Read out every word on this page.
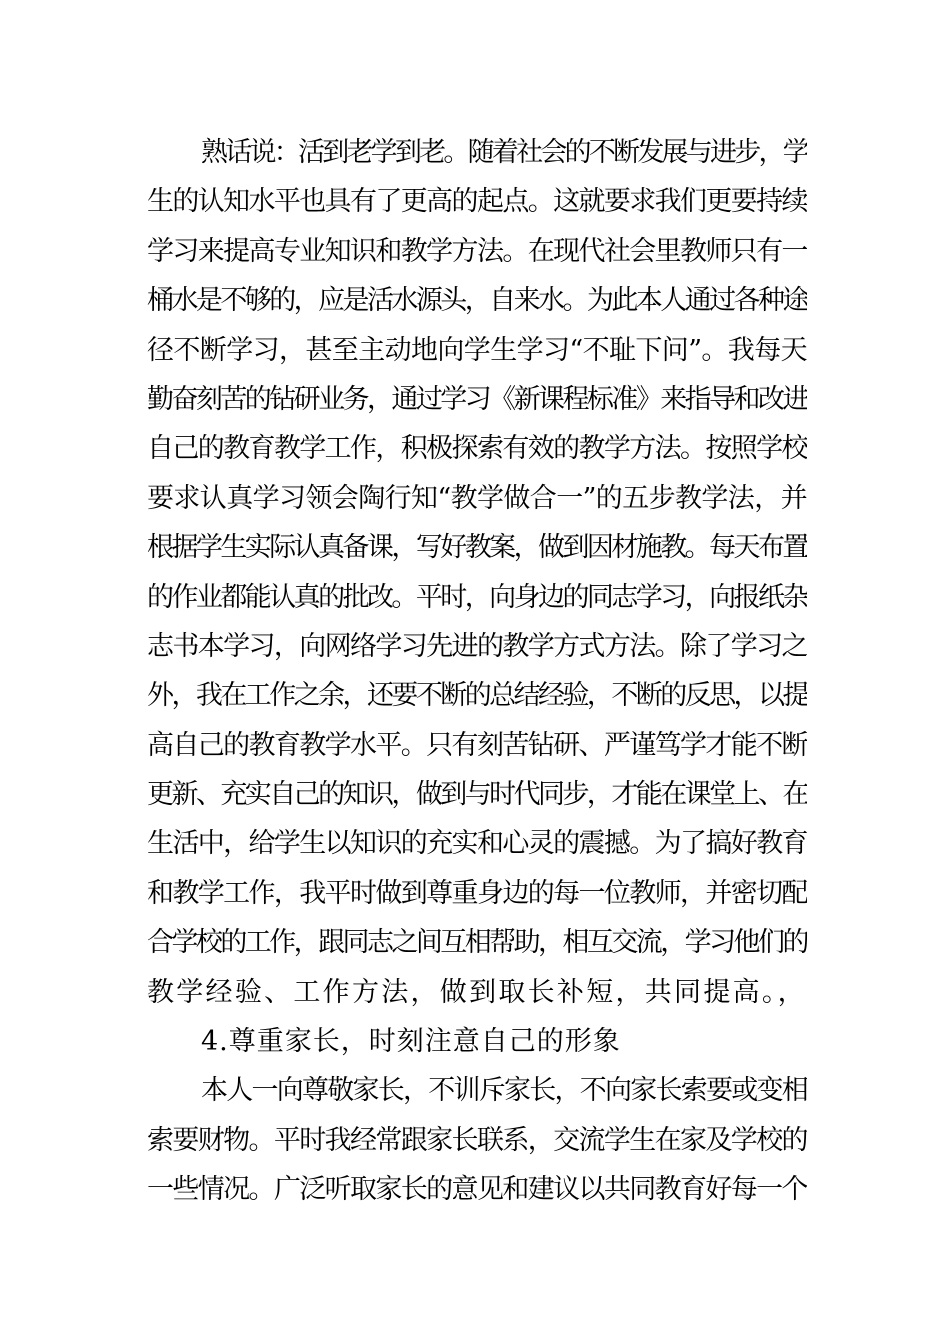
熟话说：活到老学到老。随着社会的不断发展与进步，学
生的认知水平也具有了更高的起点。这就要求我们更要持续
学习来提高专业知识和教学方法。在现代社会里教师只有一
桶水是不够的，应是活水源头，自来水。为此本人通过各种途
径不断学习，甚至主动地向学生学习“不耻下问”。我每天
勤奋刻苦的钻研业务，通过学习《新课程标准》来指导和改进
自己的教育教学工作，积极探索有效的教学方法。按照学校
要求认真学习领会陶行知“教学做合一”的五步教学法，并
根据学生实际认真备课，写好教案，做到因材施教。每天布置
的作业都能认真的批改。平时，向身边的同志学习，向报纸杂
志书本学习，向网络学习先进的教学方式方法。除了学习之
外，我在工作之余，还要不断的总结经验，不断的反思，以提
高自己的教育教学水平。只有刻苦钻研、严谨笃学才能不断
更新、充实自己的知识，做到与时代同步，才能在课堂上、在
生活中，给学生以知识的充实和心灵的震撼。为了搞好教育
和教学工作，我平时做到尊重身边的每一位教师，并密切配
合学校的工作，跟同志之间互相帮助，相互交流，学习他们的
教学经验、工作方法，做到取长补短，共同提高。，
4.尊重家长，时刻注意自己的形象
本人一向尊敬家长，不训斥家长，不向家长索要或变相
索要财物。平时我经常跟家长联系，交流学生在家及学校的
一些情况。广泛听取家长的意见和建议以共同教育好每一个
